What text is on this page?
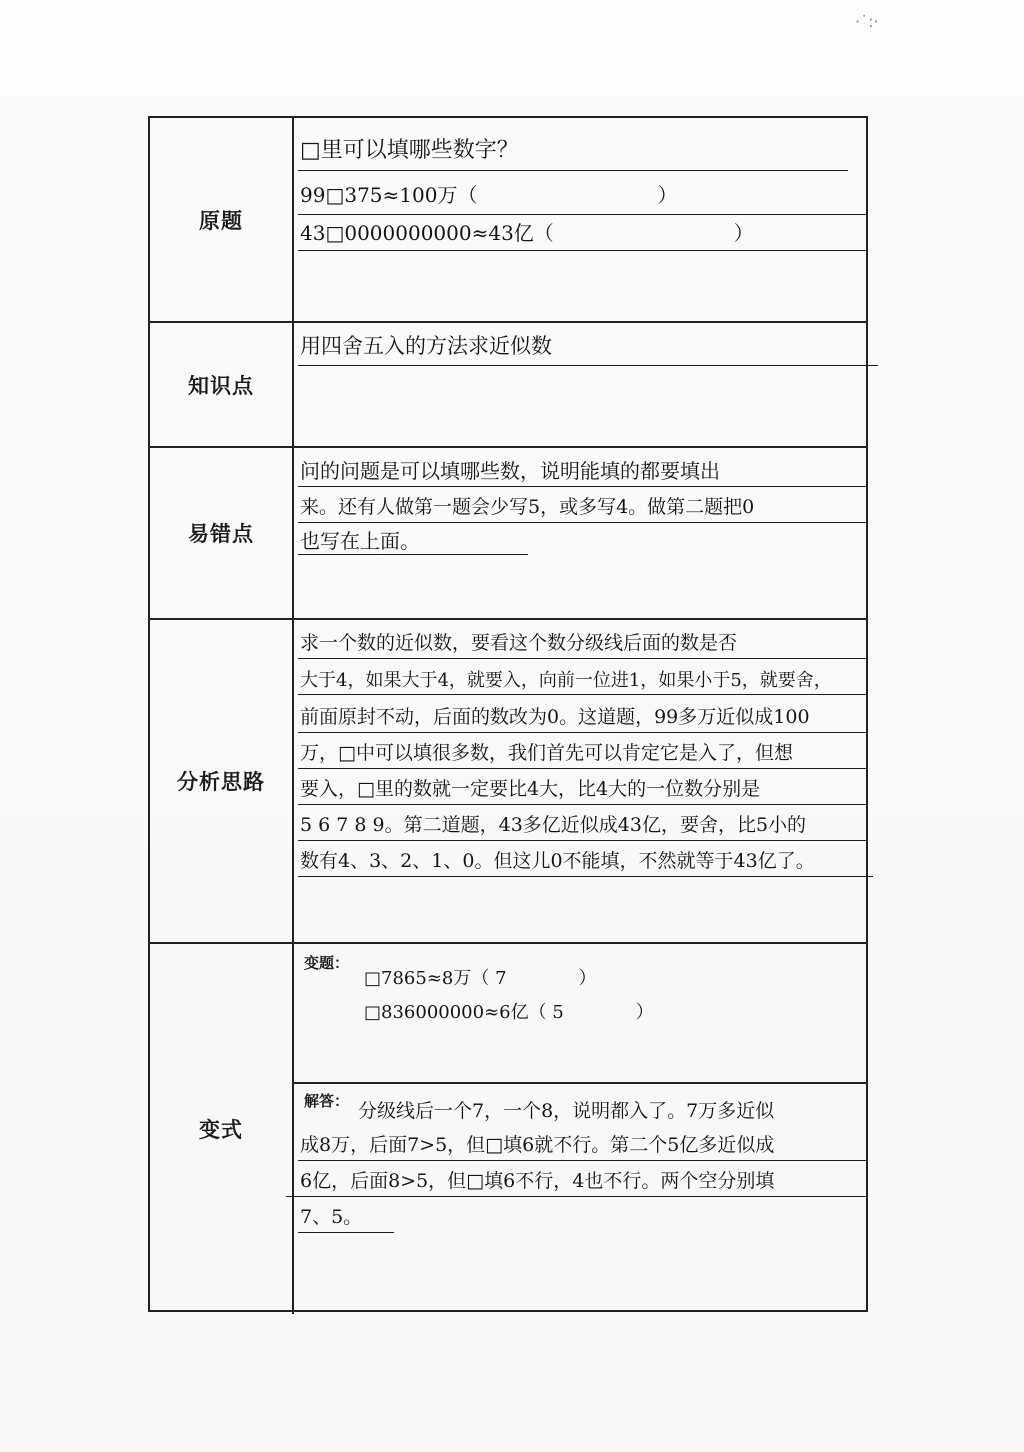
·˙:·
原题
□里可以填哪些数字？
99□375≈100万（　　　　　　　　　）
43□0000000000≈43亿（　　　　　　　　　）
知识点
用四舍五入的方法求近似数
易错点
问的问题是可以填哪些数，说明能填的都要填出
来。还有人做第一题会少写5，或多写4。做第二题把0
也写在上面。
分析思路
求一个数的近似数，要看这个数分级线后面的数是否
大于4，如果大于4，就要入，向前一位进1，如果小于5，就要舍，
前面原封不动，后面的数改为0。这道题，99多万近似成100
万，□中可以填很多数，我们首先可以肯定它是入了，但想
要入，□里的数就一定要比4大，比4大的一位数分别是
5 6 7 8 9。第二道题，43多亿近似成43亿，要舍，比5小的
数有4、3、2、1、0。但这儿0不能填，不然就等于43亿了。
变式
变题：
□7865≈8万（ 7　　　　）
□836000000≈6亿（ 5　　　　）
解答： 分级线后一个7，一个8，说明都入了。7万多近似
成8万，后面7>5，但□填6就不行。第二个5亿多近似成
6亿，后面8>5，但□填6不行，4也不行。两个空分别填
7、5。
